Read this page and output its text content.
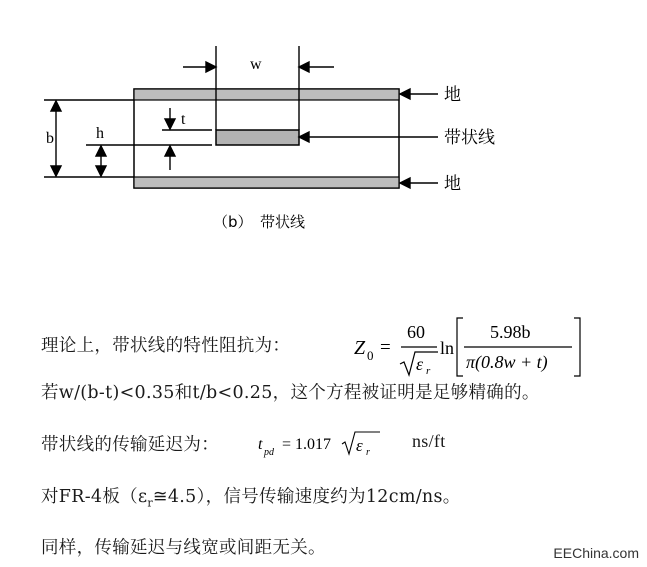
w
t
b	h
地
带状线
地
（b）　带状线
理论上，带状线的特性阻抗为：	Z 0 =
60
ε r
ln
5.98b
π(0.8w + t)
若w/(b-t)<0.35和t/b<0.25，这个方程被证明是足够精确的。
带状线的传输延迟为： t pd = 1.017 ε r
ns/ft
对FR-4板$(\varepsilon_r≅4.5)$，信号传输速度约为12cm/ns。
同样，传输延迟与线宽或间距无关。	EEChina.com
